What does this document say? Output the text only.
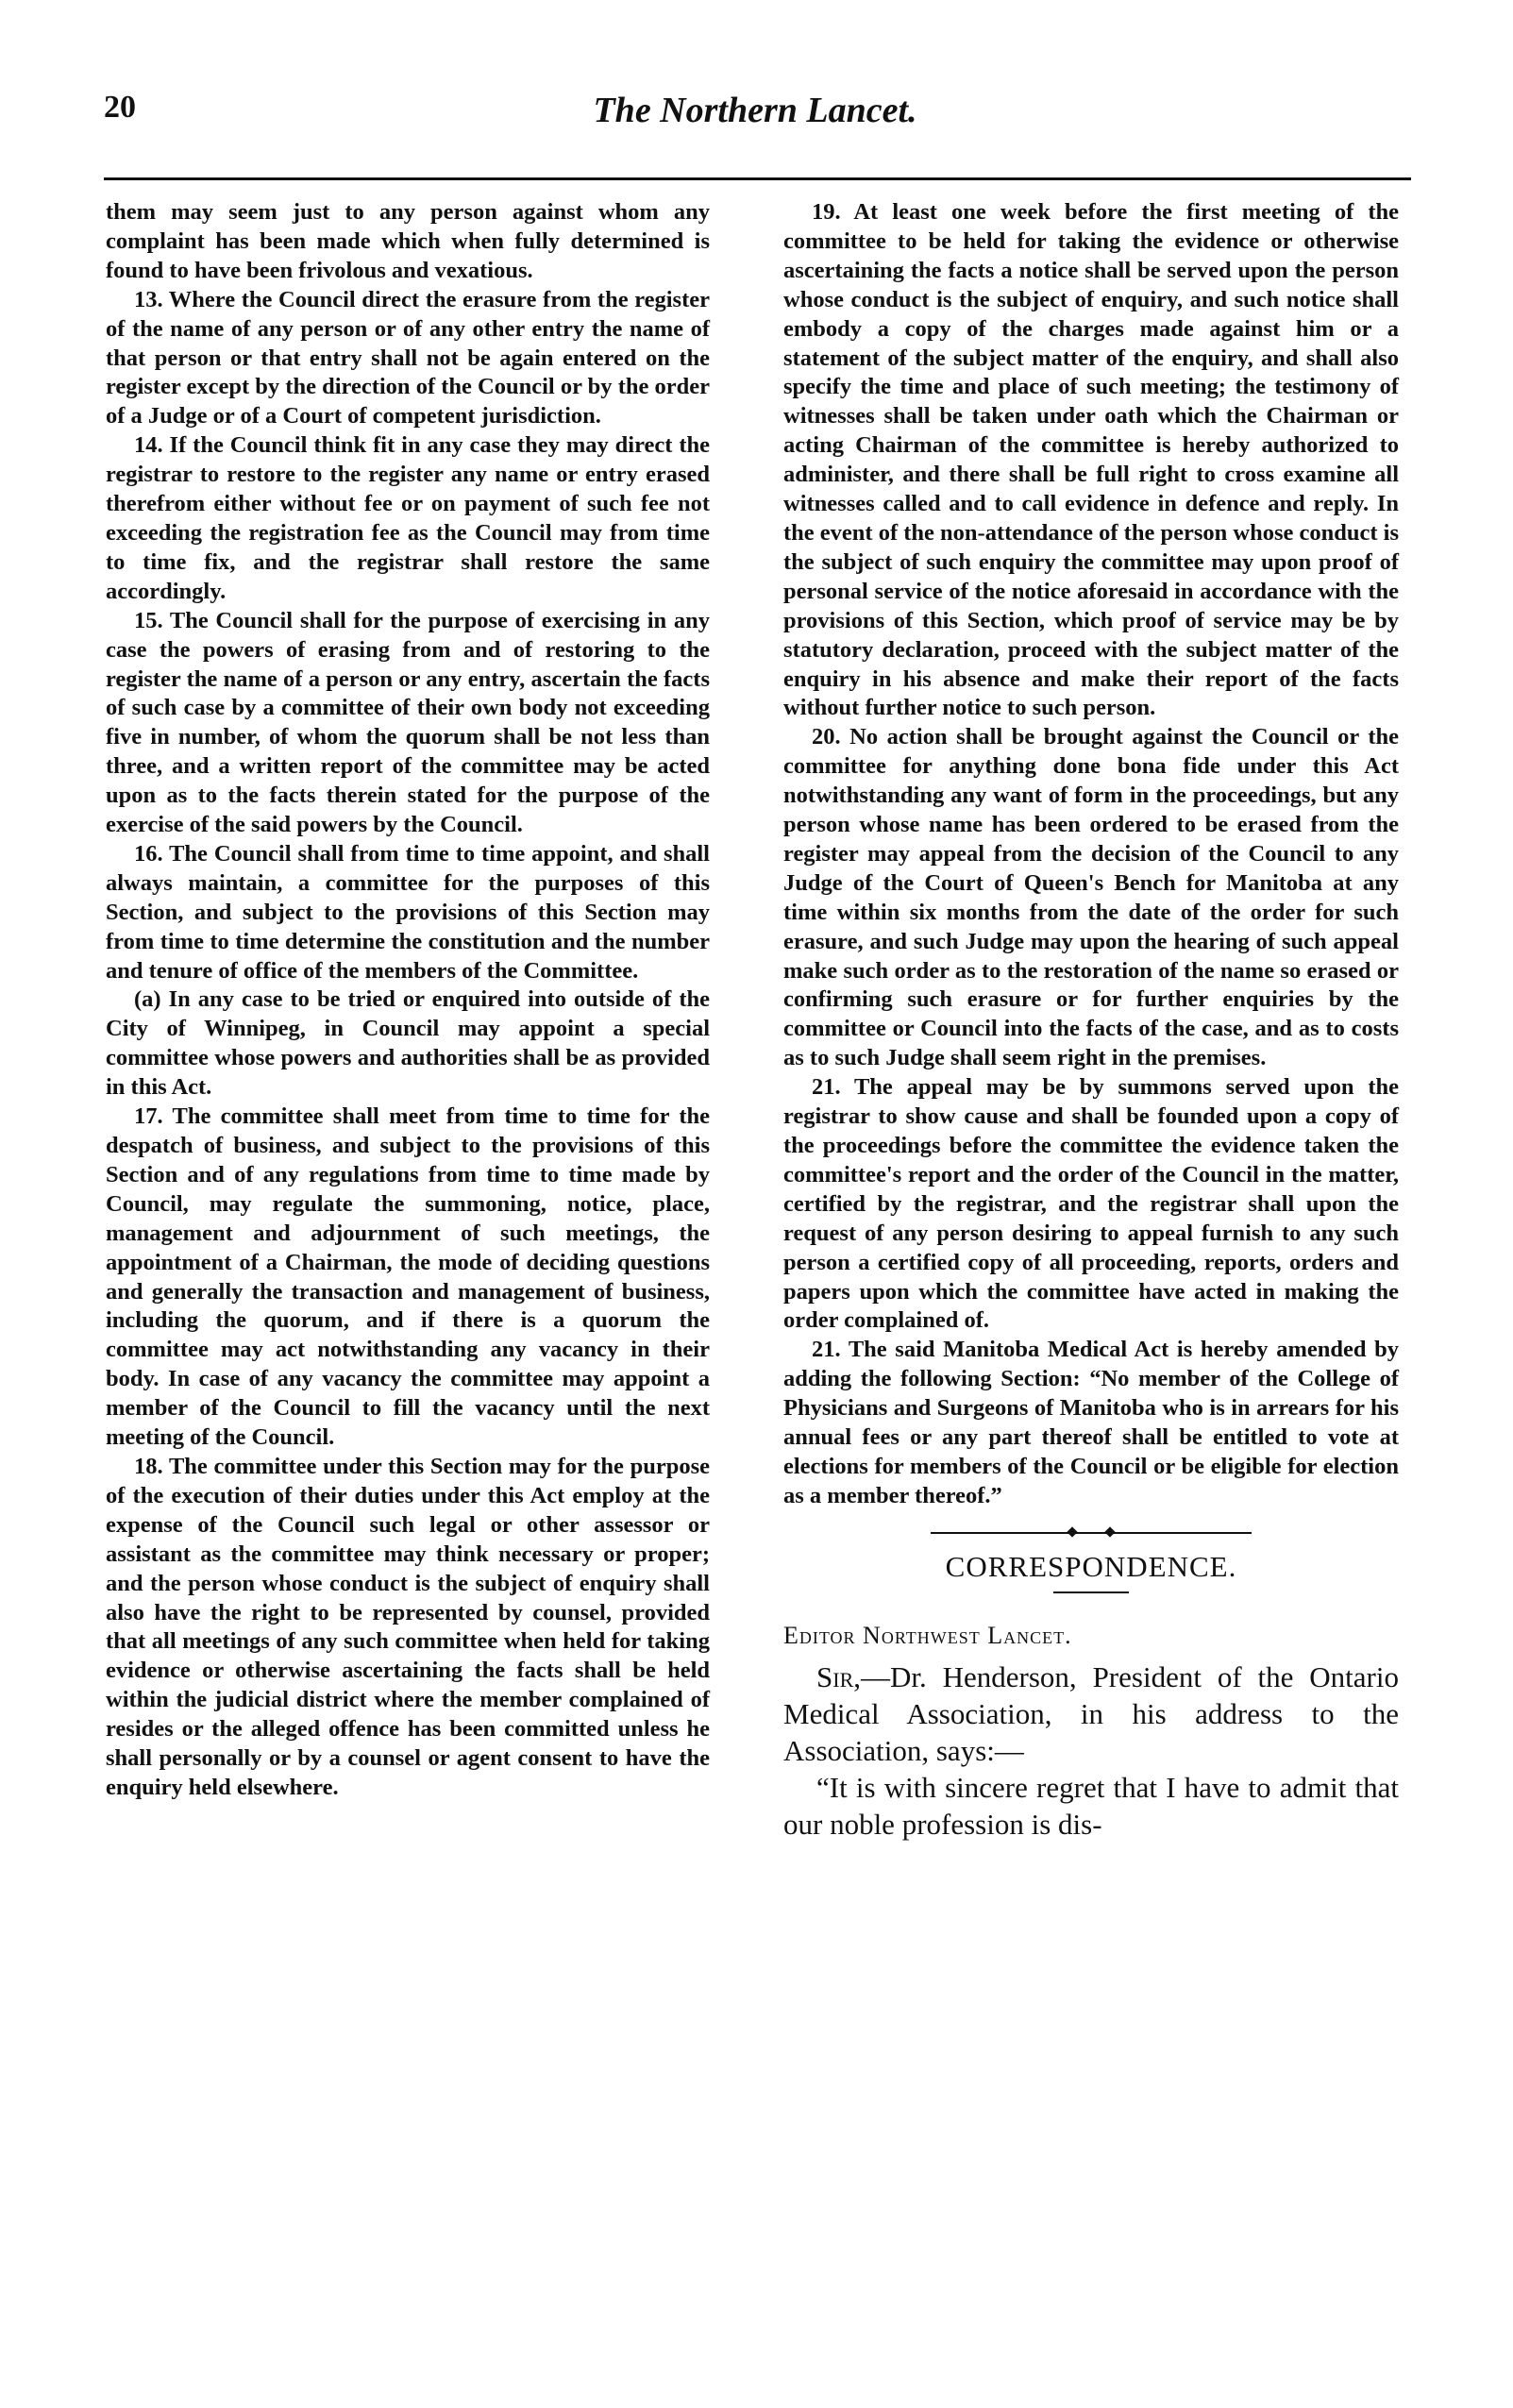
20	The Northern Lancet.

them may seem just to any person against whom any complaint has been made which when fully determined is found to have been frivolous and vexatious.

13. Where the Council direct the erasure from the register of the name of any person or of any other entry the name of that person or that entry shall not be again entered on the register except by the direction of the Council or by the order of a Judge or of a Court of competent jurisdiction.

14. If the Council think fit in any case they may direct the registrar to restore to the register any name or entry erased therefrom either without fee or on payment of such fee not exceeding the registration fee as the Council may from time to time fix, and the registrar shall restore the same accordingly.

15. The Council shall for the purpose of exercising in any case the powers of erasing from and of restoring to the register the name of a person or any entry, ascertain the facts of such case by a committee of their own body not exceeding five in number, of whom the quorum shall be not less than three, and a written report of the committee may be acted upon as to the facts therein stated for the purpose of the exercise of the said powers by the Council.

16. The Council shall from time to time appoint, and shall always maintain, a committee for the purposes of this Section, and subject to the provisions of this Section may from time to time determine the constitution and the number and tenure of office of the members of the Committee.

(a) In any case to be tried or enquired into outside of the City of Winnipeg, in Council may appoint a special committee whose powers and authorities shall be as provided in this Act.

17. The committee shall meet from time to time for the despatch of business, and subject to the provisions of this Section and of any regulations from time to time made by Council, may regulate the summoning, notice, place, management and adjournment of such meetings, the appointment of a Chairman, the mode of deciding questions and generally the transaction and management of business, including the quorum, and if there is a quorum the committee may act notwithstanding any vacancy in their body. In case of any vacancy the committee may appoint a member of the Council to fill the vacancy until the next meeting of the Council.

18. The committee under this Section may for the purpose of the execution of their duties under this Act employ at the expense of the Council such legal or other assessor or assistant as the committee may think necessary or proper; and the person whose conduct is the subject of enquiry shall also have the right to be represented by counsel, provided that all meetings of any such committee when held for taking evidence or otherwise ascertaining the facts shall be held within the judicial district where the member complained of resides or the alleged offence has been committed unless he shall personally or by a counsel or agent consent to have the enquiry held elsewhere.

19. At least one week before the first meeting of the committee to be held for taking the evidence or otherwise ascertaining the facts a notice shall be served upon the person whose conduct is the subject of enquiry, and such notice shall embody a copy of the charges made against him or a statement of the subject matter of the enquiry, and shall also specify the time and place of such meeting; the testimony of witnesses shall be taken under oath which the Chairman or acting Chairman of the committee is hereby authorized to administer, and there shall be full right to cross examine all witnesses called and to call evidence in defence and reply. In the event of the non-attendance of the person whose conduct is the subject of such enquiry the committee may upon proof of personal service of the notice aforesaid in accordance with the provisions of this Section, which proof of service may be by statutory declaration, proceed with the subject matter of the enquiry in his absence and make their report of the facts without further notice to such person.

20. No action shall be brought against the Council or the committee for anything done bona fide under this Act notwithstanding any want of form in the proceedings, but any person whose name has been ordered to be erased from the register may appeal from the decision of the Council to any Judge of the Court of Queen's Bench for Manitoba at any time within six months from the date of the order for such erasure, and such Judge may upon the hearing of such appeal make such order as to the restoration of the name so erased or confirming such erasure or for further enquiries by the committee or Council into the facts of the case, and as to costs as to such Judge shall seem right in the premises.

21. The appeal may be by summons served upon the registrar to show cause and shall be founded upon a copy of the proceedings before the committee the evidence taken the committee's report and the order of the Council in the matter, certified by the registrar, and the registrar shall upon the request of any person desiring to appeal furnish to any such person a certified copy of all proceeding, reports, orders and papers upon which the committee have acted in making the order complained of.

21. The said Manitoba Medical Act is hereby amended by adding the following Section: “No member of the College of Physicians and Surgeons of Manitoba who is in arrears for his annual fees or any part thereof shall be entitled to vote at elections for members of the Council or be eligible for election as a member thereof.”

CORRESPONDENCE.
Editor Northwest Lancet.

Sir,—Dr. Henderson, President of the Ontario Medical Association, in his address to the Association, says:—

“It is with sincere regret that I have to admit that our noble profession is dis-
